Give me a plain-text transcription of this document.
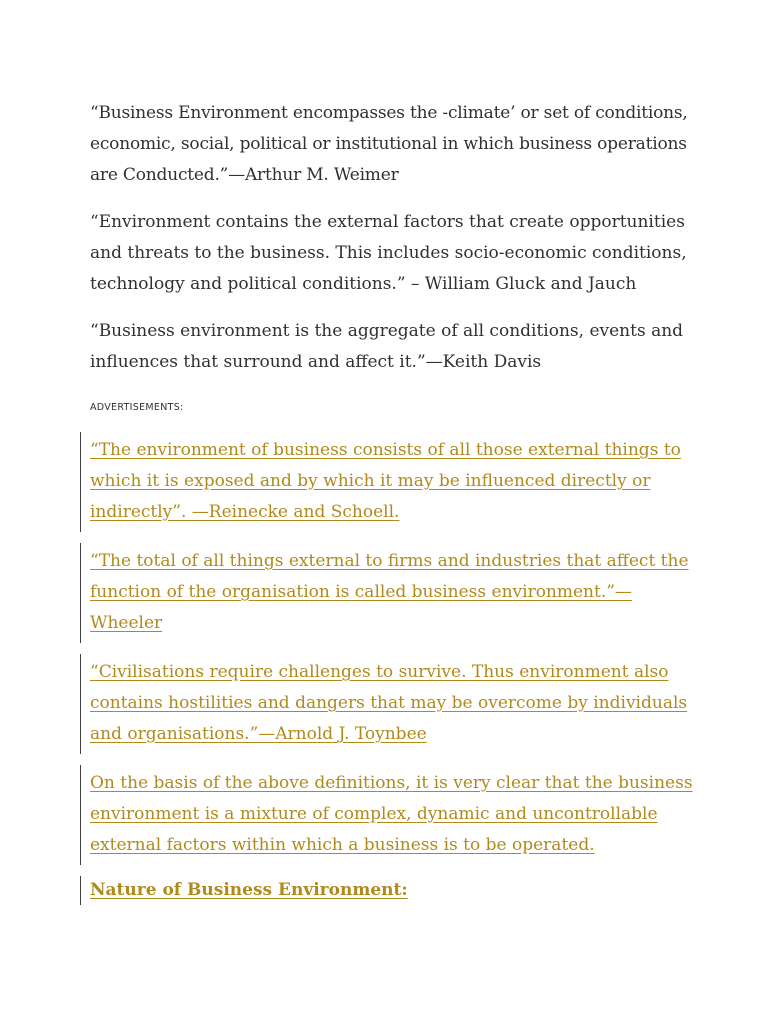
“Business Environment encompasses the -climate’ or set of conditions, economic, social, political or institutional in which business operations are Conducted.”—Arthur M. Weimer

“Environment contains the external factors that create opportunities and threats to the business. This includes socio-economic conditions, technology and political conditions.” – William Gluck and Jauch

“Business environment is the aggregate of all conditions, events and influences that surround and affect it.”—Keith Davis

ADVERTISEMENTS:

“The environment of business consists of all those external things to
which it is exposed and by which it may be influenced directly or
indirectly”. —Reinecke and Schoell.
“The total of all things external to firms and industries that affect the
function of the organisation is called business environment.”—
Wheeler
“Civilisations require challenges to survive. Thus environment also
contains hostilities and dangers that may be overcome by individuals
and organisations.”—Arnold J. Toynbee
On the basis of the above definitions, it is very clear that the business
environment is a mixture of complex, dynamic and uncontrollable
external factors within which a business is to be operated.
Nature of Business Environment:
